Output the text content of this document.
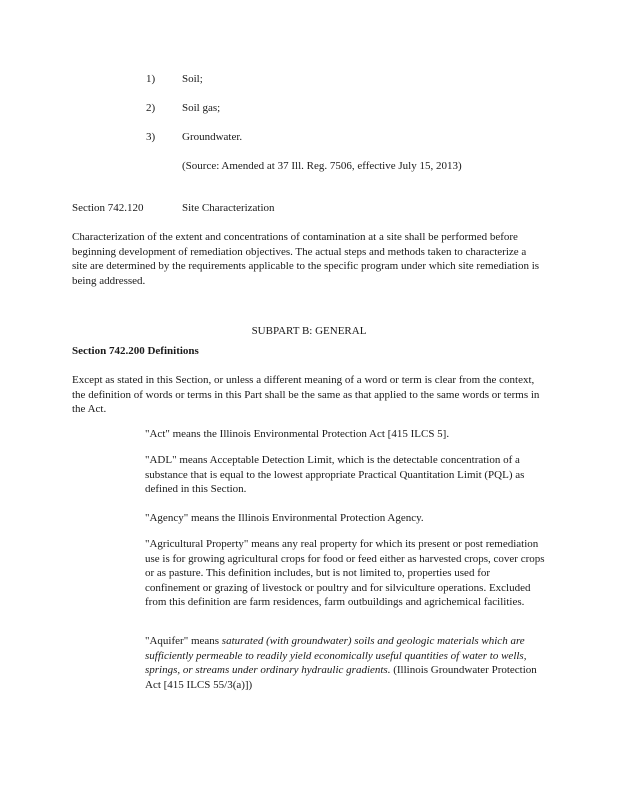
1)	Soil;
2)	Soil gas;
3)	Groundwater.
(Source: Amended at 37 Ill. Reg. 7506, effective July 15, 2013)
Section 742.120	Site Characterization
Characterization of the extent and concentrations of contamination at a site shall be performed before beginning development of remediation objectives. The actual steps and methods taken to characterize a site are determined by the requirements applicable to the specific program under which site remediation is being addressed.
SUBPART B: GENERAL
Section 742.200 Definitions
Except as stated in this Section, or unless a different meaning of a word or term is clear from the context, the definition of words or terms in this Part shall be the same as that applied to the same words or terms in the Act.
"Act" means the Illinois Environmental Protection Act [415 ILCS 5].
"ADL" means Acceptable Detection Limit, which is the detectable concentration of a substance that is equal to the lowest appropriate Practical Quantitation Limit (PQL) as defined in this Section.
"Agency" means the Illinois Environmental Protection Agency.
"Agricultural Property" means any real property for which its present or post remediation use is for growing agricultural crops for food or feed either as harvested crops, cover crops or as pasture. This definition includes, but is not limited to, properties used for confinement or grazing of livestock or poultry and for silviculture operations. Excluded from this definition are farm residences, farm outbuildings and agrichemical facilities.
"Aquifer" means saturated (with groundwater) soils and geologic materials which are sufficiently permeable to readily yield economically useful quantities of water to wells, springs, or streams under ordinary hydraulic gradients. (Illinois Groundwater Protection Act [415 ILCS 55/3(a)])
